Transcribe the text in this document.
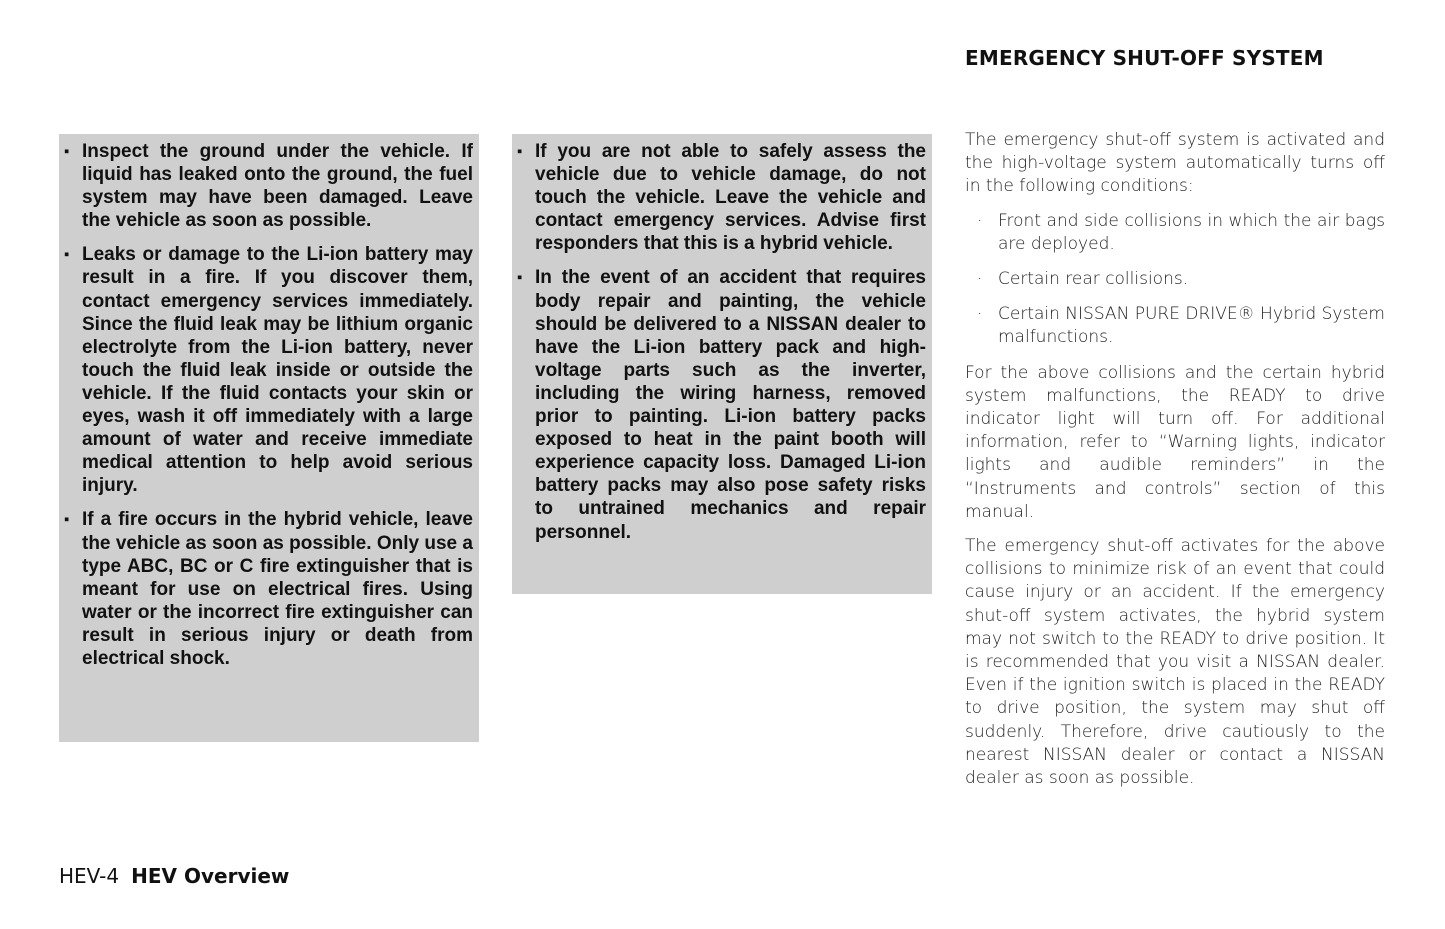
EMERGENCY SHUT-OFF SYSTEM
▪ Inspect the ground under the vehicle. If liquid has leaked onto the ground, the fuel system may have been damaged. Leave the vehicle as soon as possible.
▪ Leaks or damage to the Li-ion battery may result in a fire. If you discover them, contact emergency services immediately. Since the fluid leak may be lithium organic electrolyte from the Li-ion battery, never touch the fluid leak inside or outside the vehicle. If the fluid contacts your skin or eyes, wash it off immediately with a large amount of water and receive immediate medical attention to help avoid serious injury.
▪ If a fire occurs in the hybrid vehicle, leave the vehicle as soon as possible. Only use a type ABC, BC or C fire extinguisher that is meant for use on electrical fires. Using water or the incorrect fire extinguisher can result in serious injury or death from electrical shock.
▪ If you are not able to safely assess the vehicle due to vehicle damage, do not touch the vehicle. Leave the vehicle and contact emergency services. Advise first responders that this is a hybrid vehicle.
▪ In the event of an accident that requires body repair and painting, the vehicle should be delivered to a NISSAN dealer to have the Li-ion battery pack and high-voltage parts such as the inverter, including the wiring harness, removed prior to painting. Li-ion battery packs exposed to heat in the paint booth will experience capacity loss. Damaged Li-ion battery packs may also pose safety risks to untrained mechanics and repair personnel.

The emergency shut-off system is activated and the high-voltage system automatically turns off in the following conditions:

· Front and side collisions in which the air bags are deployed.
· Certain rear collisions.
· Certain NISSAN PURE DRIVE® Hybrid System malfunctions.

For the above collisions and the certain hybrid system malfunctions, the READY to drive indicator light will turn off. For additional information, refer to “Warning lights, indicator lights and audible reminders” in the “Instruments and controls” section of this manual.

The emergency shut-off activates for the above collisions to minimize risk of an event that could cause injury or an accident. If the emergency shut-off system activates, the hybrid system may not switch to the READY to drive position. It is recommended that you visit a NISSAN dealer. Even if the ignition switch is placed in the READY to drive position, the system may shut off suddenly. Therefore, drive cautiously to the nearest NISSAN dealer or contact a NISSAN dealer as soon as possible.

HEV-4 HEV Overview
